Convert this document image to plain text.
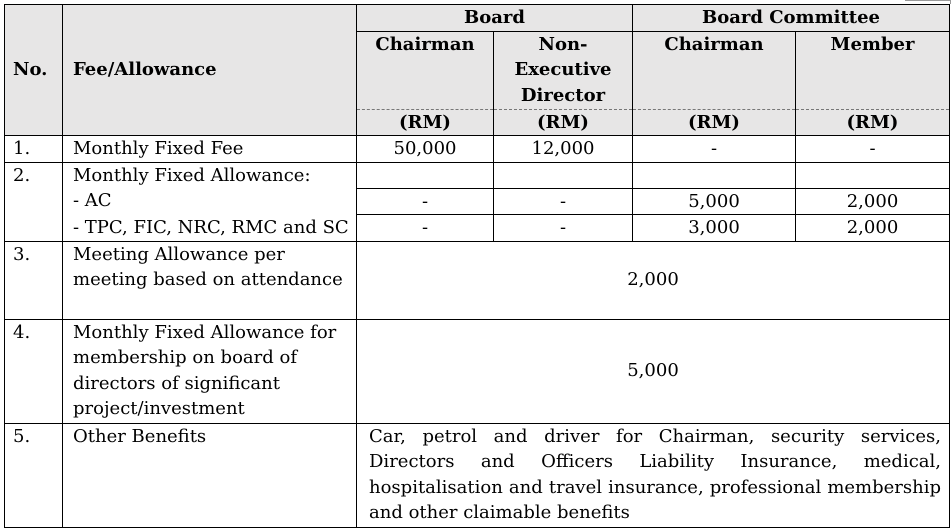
No.	Fee/Allowance	Board		Board Committee	
		Chairman	Non-Executive Director	Chairman	Member
		(RM)	(RM)	(RM)	(RM)
1.	Monthly Fixed Fee	50,000	12,000	-	-
2.	Monthly Fixed Allowance:				
	- AC	-	-	5,000	2,000
	- TPC, FIC, NRC, RMC and SC	-	-	3,000	2,000
3.	Meeting Allowance per meeting based on attendance	2,000			
4.	Monthly Fixed Allowance for membership on board of directors of significant project/investment	5,000			
5.	Other Benefits	Car, petrol and driver for Chairman, security services, Directors and Officers Liability Insurance, medical, hospitalisation and travel insurance, professional membership and other claimable benefits			
